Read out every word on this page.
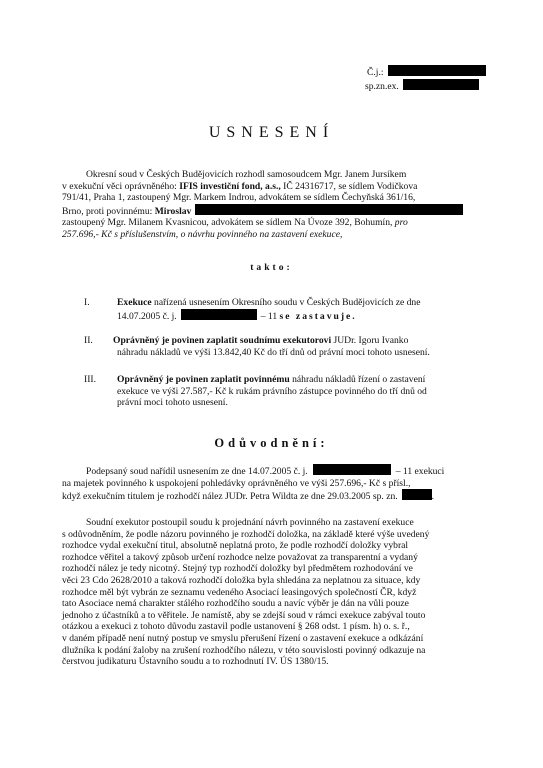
Č.j.:
sp.zn.ex.
USNESENÍ
Okresní soud v Českých Budějovicích rozhodl samosoudcem Mgr. Janem Jursíkem
v exekuční věci oprávněného: IFIS investiční fond, a.s., IČ 24316717, se sídlem Vodičkova
791/41, Praha 1, zastoupený Mgr. Markem Indrou, advokátem se sídlem Čechyňská 361/16,
Brno, proti povinnému: Miroslav
zastoupený Mgr. Milanem Kvasnicou, advokátem se sídlem Na Úvoze 392, Bohumín, pro
257.696,- Kč s příslušenstvím, o návrhu povinného na zastavení exekuce,
takto:
I.	Exekuce nařízená usnesením Okresního soudu v Českých Budějovicích ze dne
14.07.2005 č. j.	– 11 se zastavuje.
II. Oprávněný je povinen zaplatit soudnímu exekutorovi JUDr. Igoru Ivanko
náhradu nákladů ve výši 13.842,40 Kč do tří dnů od právní moci tohoto usnesení.
III. Oprávněný je povinen zaplatit povinnému náhradu nákladů řízení o zastavení
exekuce ve výši 27.587,- Kč k rukám právního zástupce povinného do tří dnů od
právní moci tohoto usnesení.
Odůvodnění:
Podepsaný soud nařídil usnesením ze dne 14.07.2005 č. j.	– 11 exekuci
na majetek povinného k uspokojení pohledávky oprávněného ve výši 257.696,- Kč s přísl.,
když exekučním titulem je rozhodčí nález JUDr. Petra Wildta ze dne 29.03.2005 sp. zn.	.
Soudní exekutor postoupil soudu k projednání návrh povinného na zastavení exekuce
s odůvodněním, že podle názoru povinného je rozhodčí doložka, na základě které výše uvedený
rozhodce vydal exekuční titul, absolutně neplatná proto, že podle rozhodčí doložky vybral
rozhodce věřitel a takový způsob určení rozhodce nelze považovat za transparentní a vydaný
rozhodčí nález je tedy nicotný. Stejný typ rozhodčí doložky byl předmětem rozhodování ve
věci 23 Cdo 2628/2010 a taková rozhodčí doložka byla shledána za neplatnou za situace, kdy
rozhodce měl být vybrán ze seznamu vedeného Asociací leasingových společností ČR, když
tato Asociace nemá charakter stálého rozhodčího soudu a navíc výběr je dán na vůli pouze
jednoho z účastníků a to věřitele. Je namístě, aby se zdejší soud v rámci exekuce zabýval touto
otázkou a exekuci z tohoto důvodu zastavil podle ustanovení § 268 odst. 1 písm. h) o. s. ř.,
v daném případě není nutný postup ve smyslu přerušení řízení o zastavení exekuce a odkázání
dlužníka k podání žaloby na zrušení rozhodčího nálezu, v této souvislosti povinný odkazuje na
čerstvou judikaturu Ústavního soudu a to rozhodnutí IV. ÚS 1380/15.
